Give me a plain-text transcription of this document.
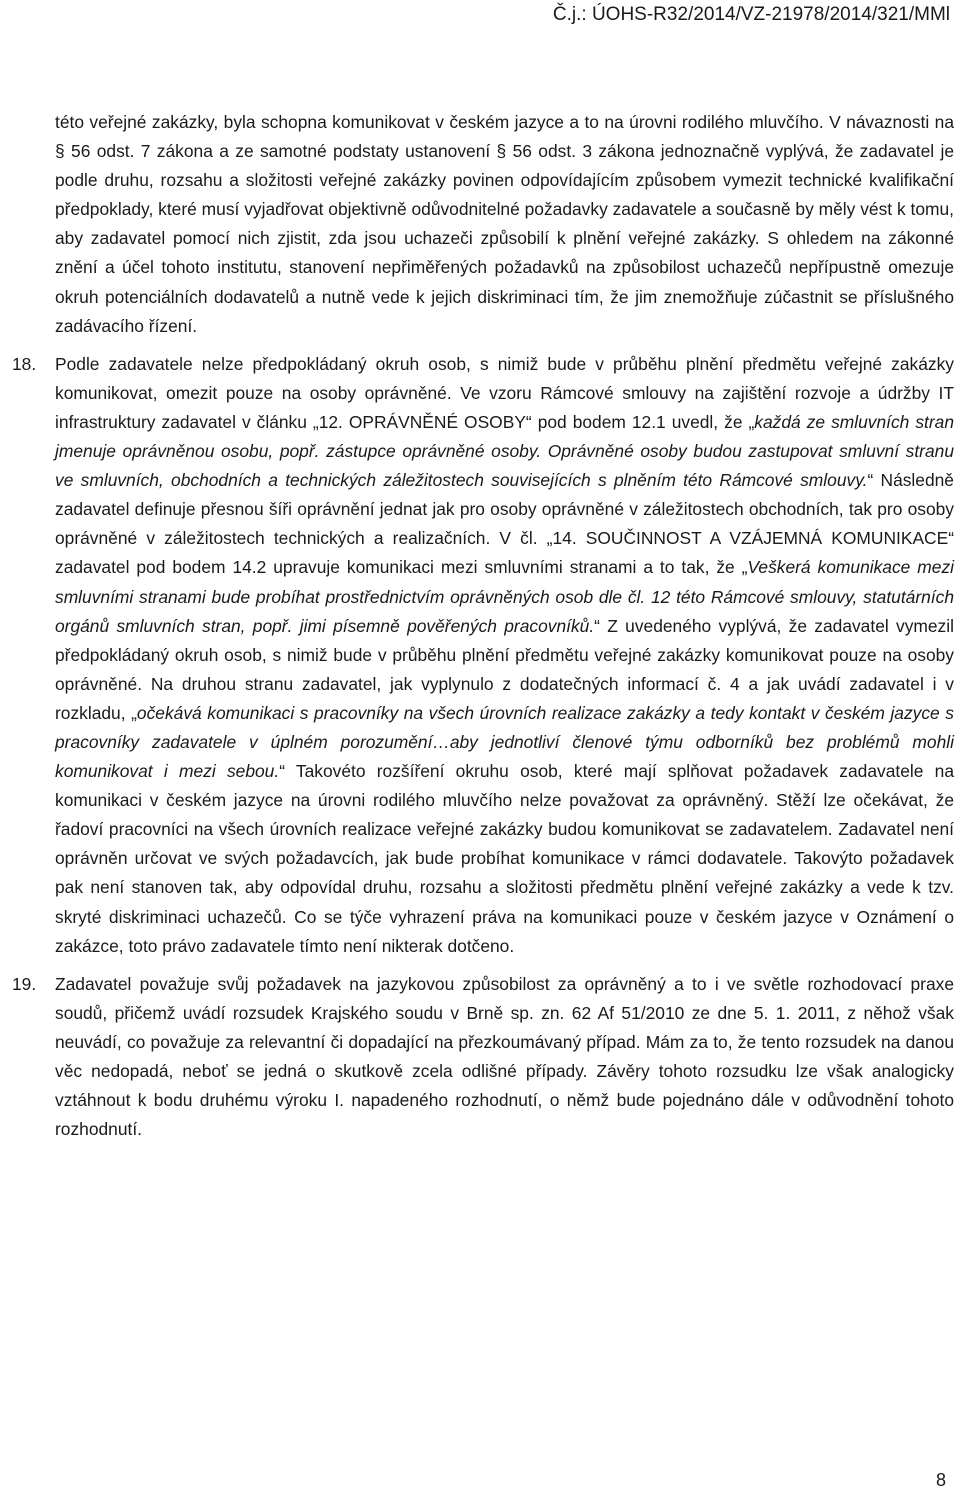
Č.j.: ÚOHS-R32/2014/VZ-21978/2014/321/MMl

této veřejné zakázky, byla schopna komunikovat v českém jazyce a to na úrovni rodilého mluvčího. V návaznosti na § 56 odst. 7 zákona a ze samotné podstaty ustanovení § 56 odst. 3 zákona jednoznačně vyplývá, že zadavatel je podle druhu, rozsahu a složitosti veřejné zakázky povinen odpovídajícím způsobem vymezit technické kvalifikační předpoklady, které musí vyjadřovat objektivně odůvodnitelné požadavky zadavatele a současně by měly vést k tomu, aby zadavatel pomocí nich zjistit, zda jsou uchazeči způsobilí k plnění veřejné zakázky. S ohledem na zákonné znění a účel tohoto institutu, stanovení nepřiměřených požadavků na způsobilost uchazečů nepřípustně omezuje okruh potenciálních dodavatelů a nutně vede k jejich diskriminaci tím, že jim znemožňuje zúčastnit se příslušného zadávacího řízení.

18. Podle zadavatele nelze předpokládaný okruh osob, s nimiž bude v průběhu plnění předmětu veřejné zakázky komunikovat, omezit pouze na osoby oprávněné. Ve vzoru Rámcové smlouvy na zajištění rozvoje a údržby IT infrastruktury zadavatel v článku „12. OPRÁVNĚNÉ OSOBY“ pod bodem 12.1 uvedl, že „každá ze smluvních stran jmenuje oprávněnou osobu, popř. zástupce oprávněné osoby. Oprávněné osoby budou zastupovat smluvní stranu ve smluvních, obchodních a technických záležitostech souvisejících s plněním této Rámcové smlouvy.“ Následně zadavatel definuje přesnou šíři oprávnění jednat jak pro osoby oprávněné v záležitostech obchodních, tak pro osoby oprávněné v záležitostech technických a realizačních. V čl. „14. SOUČINNOST A VZÁJEMNÁ KOMUNIKACE“ zadavatel pod bodem 14.2 upravuje komunikaci mezi smluvními stranami a to tak, že „Veškerá komunikace mezi smluvními stranami bude probíhat prostřednictvím oprávněných osob dle čl. 12 této Rámcové smlouvy, statutárních orgánů smluvních stran, popř. jimi písemně pověřených pracovníků.“ Z uvedeného vyplývá, že zadavatel vymezil předpokládaný okruh osob, s nimiž bude v průběhu plnění předmětu veřejné zakázky komunikovat pouze na osoby oprávněné. Na druhou stranu zadavatel, jak vyplynulo z dodatečných informací č. 4 a jak uvádí zadavatel i v rozkladu, „očekává komunikaci s pracovníky na všech úrovních realizace zakázky a tedy kontakt v českém jazyce s pracovníky zadavatele v úplném porozumění…aby jednotliví členové týmu odborníků bez problémů mohli komunikovat i mezi sebou.“ Takovéto rozšíření okruhu osob, které mají splňovat požadavek zadavatele na komunikaci v českém jazyce na úrovni rodilého mluvčího nelze považovat za oprávněný. Stěží lze očekávat, že řadoví pracovníci na všech úrovních realizace veřejné zakázky budou komunikovat se zadavatelem. Zadavatel není oprávněn určovat ve svých požadavcích, jak bude probíhat komunikace v rámci dodavatele. Takovýto požadavek pak není stanoven tak, aby odpovídal druhu, rozsahu a složitosti předmětu plnění veřejné zakázky a vede k tzv. skryté diskriminaci uchazečů. Co se týče vyhrazení práva na komunikaci pouze v českém jazyce v Oznámení o zakázce, toto právo zadavatele tímto není nikterak dotčeno.

19. Zadavatel považuje svůj požadavek na jazykovou způsobilost za oprávněný a to i ve světle rozhodovací praxe soudů, přičemž uvádí rozsudek Krajského soudu v Brně sp. zn. 62 Af 51/2010 ze dne 5. 1. 2011, z něhož však neuvádí, co považuje za relevantní či dopadající na přezkoumávaný případ. Mám za to, že tento rozsudek na danou věc nedopadá, neboť se jedná o skutkově zcela odlišné případy. Závěry tohoto rozsudku lze však analogicky vztáhnout k bodu druhému výroku I. napadeného rozhodnutí, o němž bude pojednáno dále v odůvodnění tohoto rozhodnutí.

8
